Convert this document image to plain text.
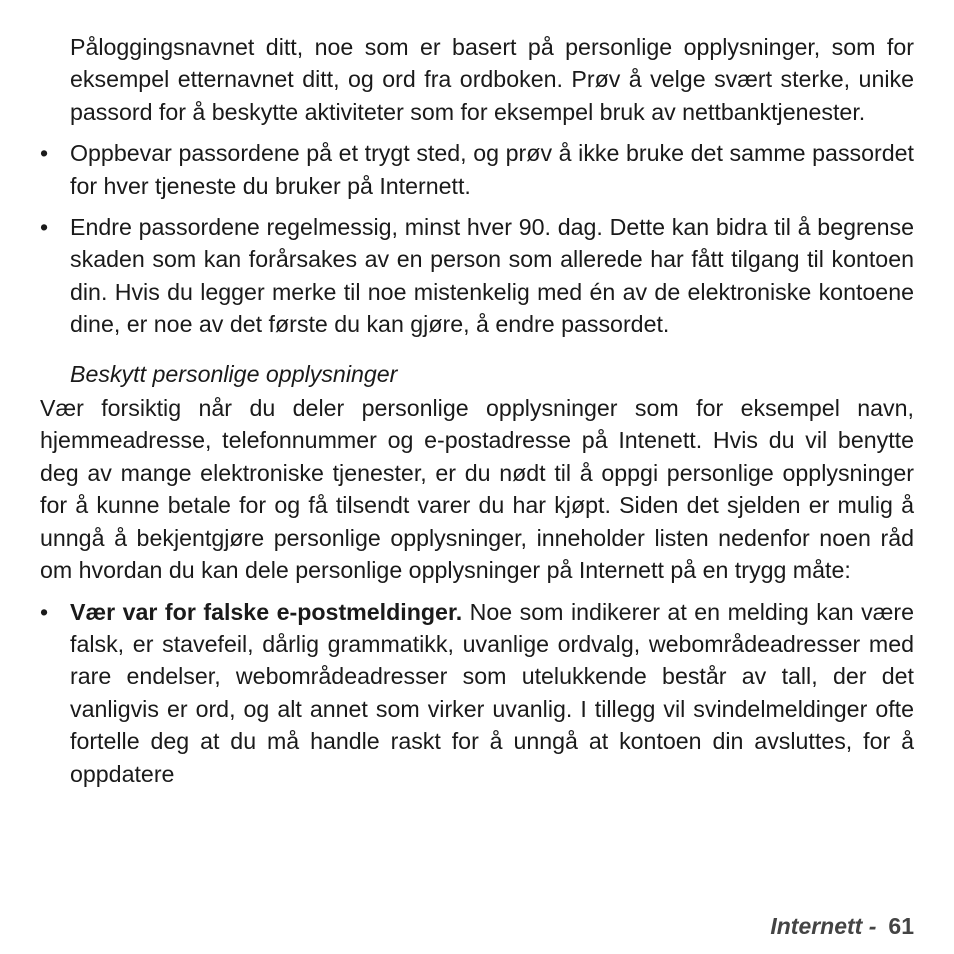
Påloggingsnavnet ditt, noe som er basert på personlige opplysninger, som for eksempel etternavnet ditt, og ord fra ordboken. Prøv å velge svært sterke, unike passord for å beskytte aktiviteter som for eksempel bruk av nettbanktjenester.
• Oppbevar passordene på et trygt sted, og prøv å ikke bruke det samme passordet for hver tjeneste du bruker på Internett.
• Endre passordene regelmessig, minst hver 90. dag. Dette kan bidra til å begrense skaden som kan forårsakes av en person som allerede har fått tilgang til kontoen din. Hvis du legger merke til noe mistenkelig med én av de elektroniske kontoene dine, er noe av det første du kan gjøre, å endre passordet.
Beskytt personlige opplysninger
Vær forsiktig når du deler personlige opplysninger som for eksempel navn, hjemmeadresse, telefonnummer og e-postadresse på Intenett. Hvis du vil benytte deg av mange elektroniske tjenester, er du nødt til å oppgi personlige opplysninger for å kunne betale for og få tilsendt varer du har kjøpt. Siden det sjelden er mulig å unngå å bekjentgjøre personlige opplysninger, inneholder listen nedenfor noen råd om hvordan du kan dele personlige opplysninger på Internett på en trygg måte:
• Vær var for falske e-postmeldinger. Noe som indikerer at en melding kan være falsk, er stavefeil, dårlig grammatikk, uvanlige ordvalg, webområdeadresser med rare endelser, webområdeadresser som utelukkende består av tall, der det vanligvis er ord, og alt annet som virker uvanlig. I tillegg vil svindelmeldinger ofte fortelle deg at du må handle raskt for å unngå at kontoen din avsluttes, for å oppdatere
Internett - 61
